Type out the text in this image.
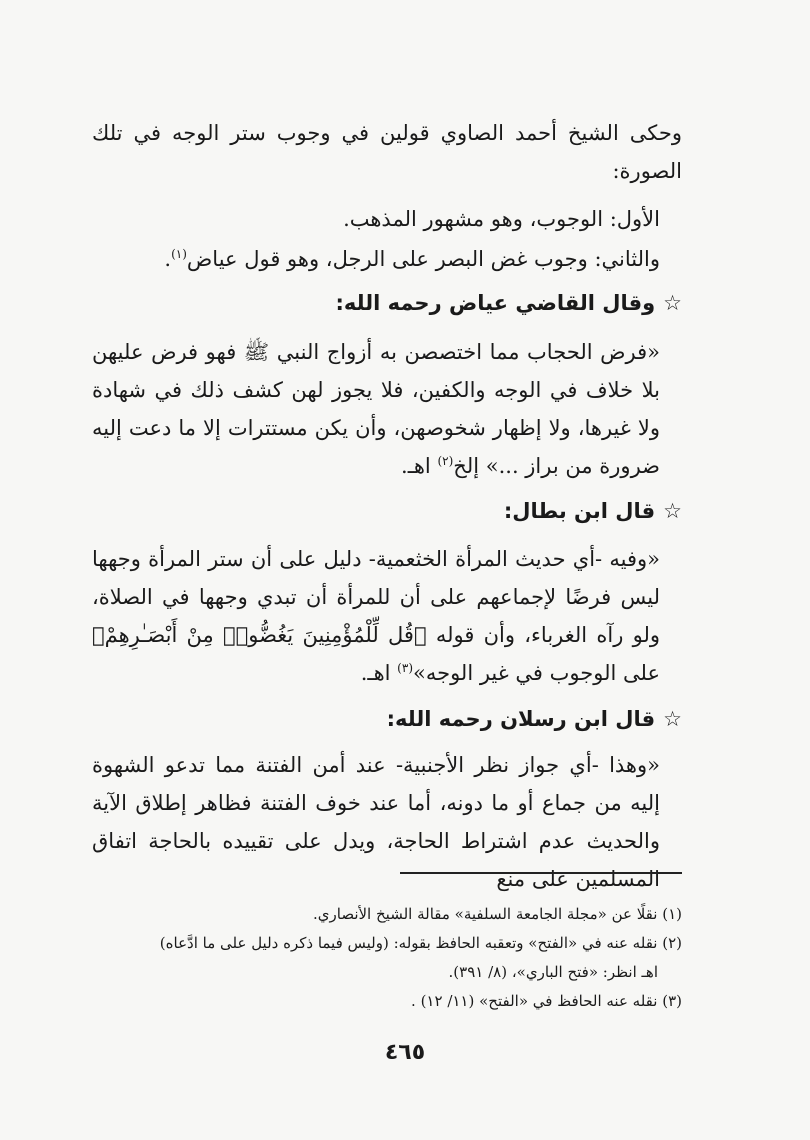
وحكى الشيخ أحمد الصاوي قولين في وجوب ستر الوجه في تلك الصورة:

الأول: الوجوب، وهو مشهور المذهب.

والثاني: وجوب غض البصر على الرجل، وهو قول عياض$^{(١)}$.

☆وقال القاضي عياض رحمه الله:

«فرض الحجاب مما اختصصن به أزواج النبي ﷺ فهو فرض عليهن بلا خلاف في الوجه والكفين، فلا يجوز لهن كشف ذلك في شهادة ولا غيرها، ولا إظهار شخوصهن، وأن يكن مستترات إلا ما دعت إليه ضرورة من براز ...» إلخ$^{(٢)}$ اهـ.

☆قال ابن بطال:

«وفيه -أي حديث المرأة الخثعمية- دليل على أن ستر المرأة وجهها ليس فرضًا لإجماعهم على أن للمرأة أن تبدي وجهها في الصلاة، ولو رآه الغرباء، وأن قوله ﴿قُل لِّلْمُؤْمِنِينَ يَغُضُّوا۟ مِنْ أَبْصَـٰرِهِمْ﴾ على الوجوب في غير الوجه»$^{(٣)}$ اهـ.

☆قال ابن رسلان رحمه الله:

«وهذا -أي جواز نظر الأجنبية- عند أمن الفتنة مما تدعو الشهوة إليه من جماع أو ما دونه، أما عند خوف الفتنة فظاهر إطلاق الآية والحديث عدم اشتراط الحاجة، ويدل على تقييده بالحاجة اتفاق المسلمين على منع

(١) نقلًا عن «مجلة الجامعة السلفية» مقالة الشيخ الأنصاري.

(٢) نقله عنه في «الفتح» وتعقبه الحافظ بقوله: (وليس فيما ذكره دليل على ما ادَّعاه)

اهـ انظر: «فتح الباري»، (٨/ ٣٩١).

(٣) نقله عنه الحافظ في «الفتح» (١١/ ١٢) .

٤٦٥
